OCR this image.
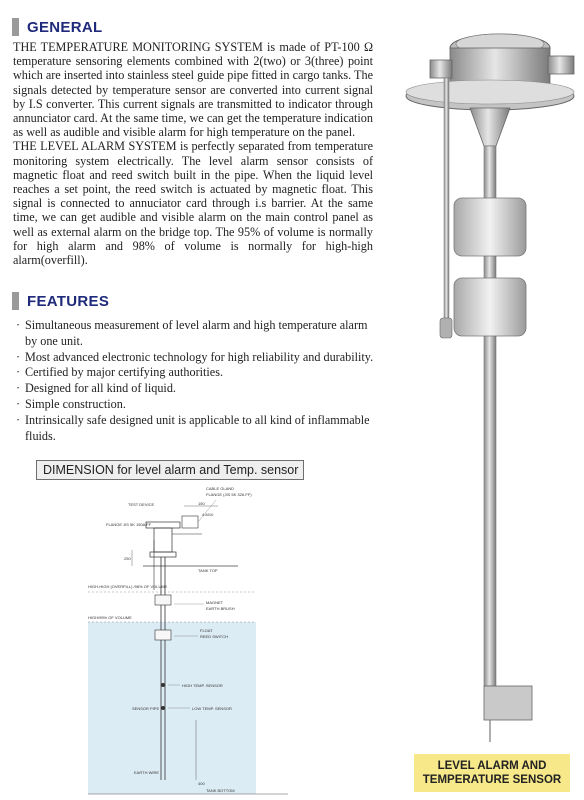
GENERAL

THE TEMPERATURE MONITORING SYSTEM is made of PT-100 Ω temperature sensoring elements combined with 2(two) or 3(three) point which are inserted into stainless steel guide pipe fitted in cargo tanks. The signals detected by temperature sensor are converted into current signal by I.S converter. This current signals are transmitted to indicator through annunciator card. At the same time, we can get the temperature indication as well as audible and visible alarm for high temperature on the panel.

THE LEVEL ALARM SYSTEM is perfectly separated from temperature monitoring system electrically. The level alarm sensor consists of magnetic float and reed switch built in the pipe. When the liquid level reaches a set point, the reed switch is actuated by magnetic float. This signal is connected to annuciator card through i.s barrier. At the same time, we can get audible and visible alarm on the main control panel as well as external alarm on the bridge top. The 95% of volume is normally for high alarm and 98% of volume is normally for high-high alarm(overfill).

FEATURES
· Simultaneous measurement of level alarm and high temperature alarm by one unit.
· Most advanced electronic technology for high reliability and durability.
· Certified by major certifying authorities.
· Designed for all kind of liquid.
· Simple construction.
· Intrinsically safe designed unit is applicable to all kind of inflammable fluids.
DIMENSION for level alarm and Temp. sensor
CABLE GLAND
FLANGE (JIS 5K 32A FF)
TEST DEVICE
FLANGE JIS 5K 150A FF
150
4-M10
250
TANK TOP
MAGNET
EARTH BRUSH
HIGH-HIGH (OVERFILL) /98% OF VOLUME
HIGH/95% OF VOLUME
FLOAT
REED SWITCH
HIGH TEMP. SENSOR
LOW TEMP. SENSOR
SENSOR PIPE
EARTH WIRE
400
TANK BOTTOM
LEVEL ALARM AND
TEMPERATURE SENSOR
